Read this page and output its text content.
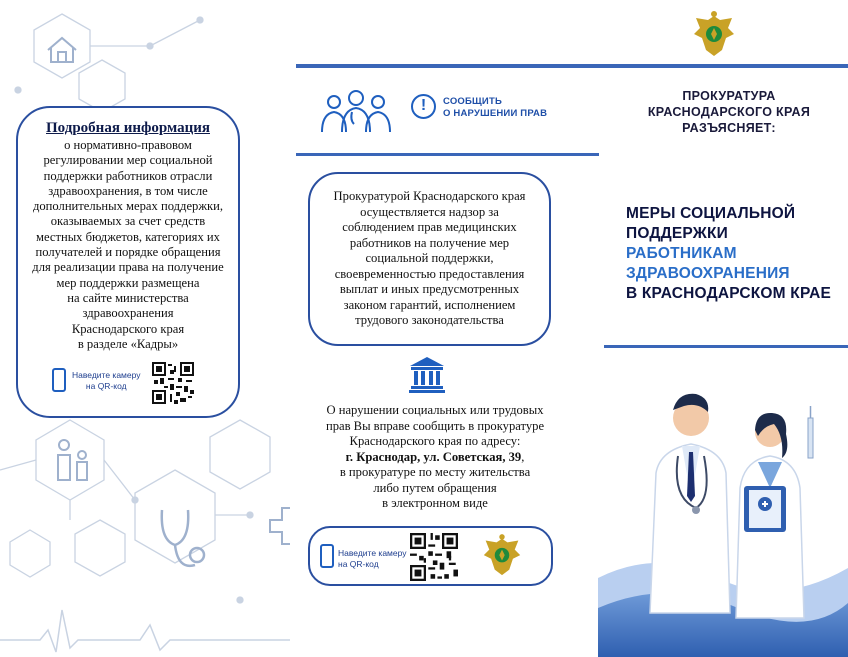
Подробная информация
о нормативно-правовом
регулировании мер социальной
поддержки работников отрасли
здравоохранения, в том числе
дополнительных мерах поддержки,
оказываемых за счет средств
местных бюджетов, категориях их
получателей и порядке обращения
для реализации права на получение
мер поддержки размещена
на сайте министерства
здравоохранения
Краснодарского края
в разделе «Кадры»
Наведите камеру
на QR-код
!	СООБЩИТЬ
О НАРУШЕНИИ ПРАВ
Прокуратурой Краснодарского края
осуществляется надзор за
соблюдением прав медицинских
работников на получение мер
социальной поддержки,
своевременностью предоставления
выплат и иных предусмотренных
законом гарантий, исполнением
трудового законодательства
О нарушении социальных или трудовых
прав Вы вправе сообщить в прокуратуре
Краснодарского края по адресу:
г. Краснодар, ул. Советская, 39,
в прокуратуре по месту жительства
либо путем обращения
в электронном виде
Наведите камеру
на QR-код
ПРОКУРАТУРА
КРАСНОДАРСКОГО КРАЯ
РАЗЪЯСНЯЕТ:
МЕРЫ СОЦИАЛЬНОЙ
ПОДДЕРЖКИ
РАБОТНИКАМ
ЗДРАВООХРАНЕНИЯ
В КРАСНОДАРСКОМ КРАЕ
